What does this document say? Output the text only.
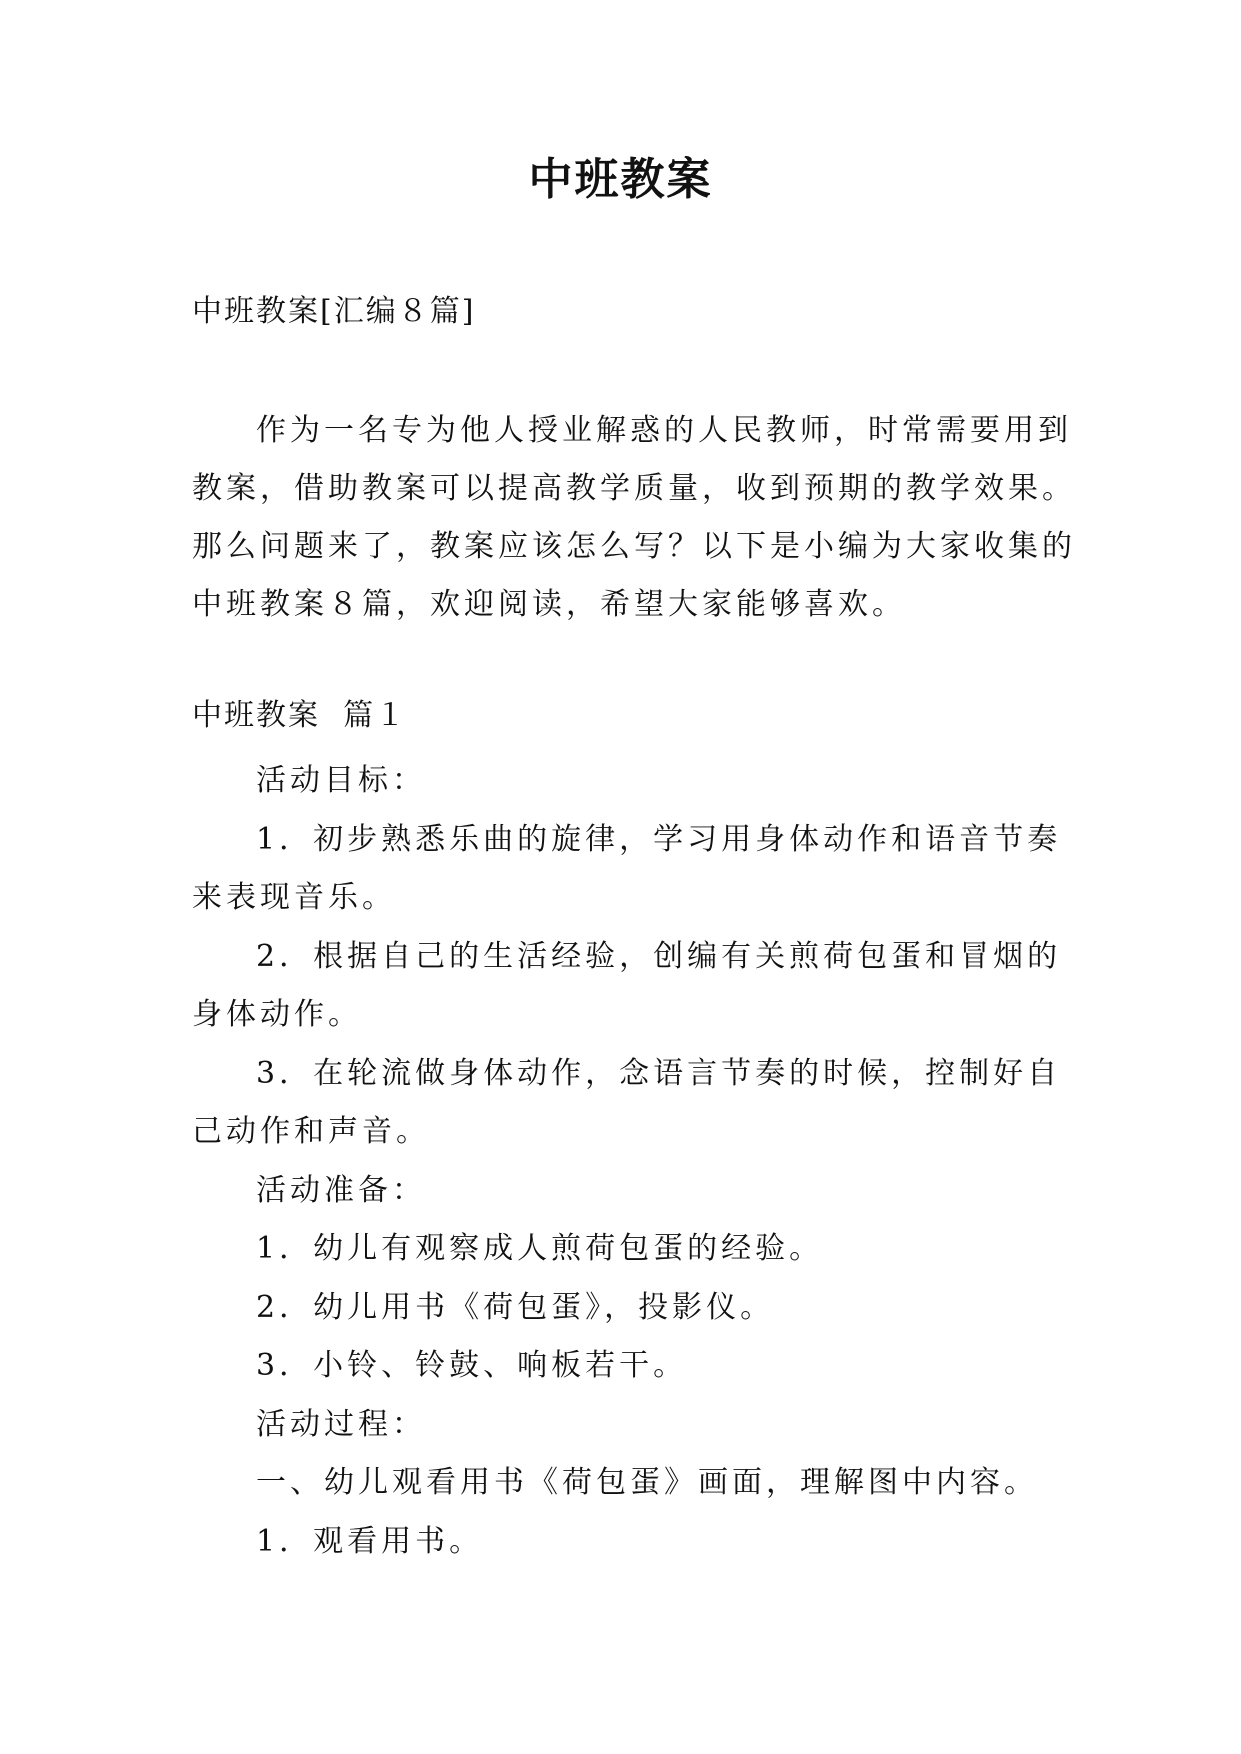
中班教案

中班教案[汇编８篇]

作为一名专为他人授业解惑的人民教师，时常需要用到
教案，借助教案可以提高教学质量，收到预期的教学效果。
那么问题来了，教案应该怎么写？以下是小编为大家收集的
中班教案８篇，欢迎阅读，希望大家能够喜欢。

中班教案  篇１

活动目标：
1．初步熟悉乐曲的旋律，学习用身体动作和语音节奏
来表现音乐。
2．根据自己的生活经验，创编有关煎荷包蛋和冒烟的
身体动作。
3．在轮流做身体动作，念语言节奏的时候，控制好自
己动作和声音。
活动准备：
1．幼儿有观察成人煎荷包蛋的经验。
2．幼儿用书《荷包蛋》，投影仪。
3．小铃、铃鼓、响板若干。
活动过程：
一、幼儿观看用书《荷包蛋》画面，理解图中内容。
1．观看用书。
